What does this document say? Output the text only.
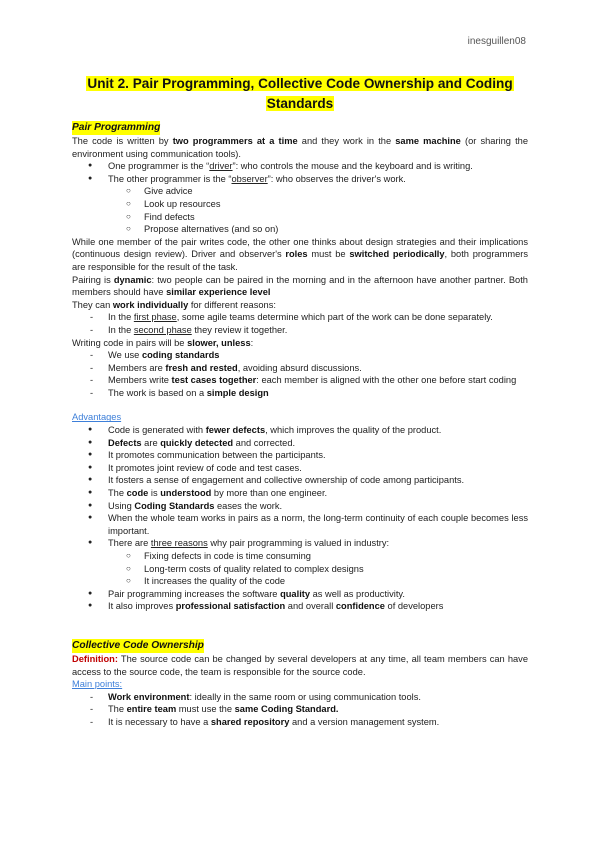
inesguillen08
Unit 2. Pair Programming, Collective Code Ownership and Coding Standards
Pair Programming

The code is written by two programmers at a time and they work in the same machine (or sharing the environment using communication tools).

● One programmer is the “driver”: who controls the mouse and the keyboard and is writing.
● The other programmer is the “observer”: who observes the driver's work.
○ Give advice
○ Look up resources
○ Find defects
○ Propose alternatives (and so on)

While one member of the pair writes code, the other one thinks about design strategies and their implications (continuous design review). Driver and observer's roles must be switched periodically, both programmers are responsible for the result of the task.

Pairing is dynamic: two people can be paired in the morning and in the afternoon have another partner. Both members should have similar experience level

They can work individually for different reasons:

- In the first phase, some agile teams determine which part of the work can be done separately.
- In the second phase they review it together.

Writing code in pairs will be slower, unless:

- We use coding standards
- Members are fresh and rested, avoiding absurd discussions.
- Members write test cases together: each member is aligned with the other one before start coding
- The work is based on a simple design
Advantages
● Code is generated with fewer defects, which improves the quality of the product.
● Defects are quickly detected and corrected.
● It promotes communication between the participants.
● It promotes joint review of code and test cases.
● It fosters a sense of engagement and collective ownership of code among participants.
● The code is understood by more than one engineer.
● Using Coding Standards eases the work.
● When the whole team works in pairs as a norm, the long-term continuity of each couple becomes less important.
● There are three reasons why pair programming is valued in industry:
○ Fixing defects in code is time consuming
○ Long-term costs of quality related to complex designs
○ It increases the quality of the code
● Pair programming increases the software quality as well as productivity.
● It also improves professional satisfaction and overall confidence of developers
Collective Code Ownership

Definition: The source code can be changed by several developers at any time, all team members can have access to the source code, the team is responsible for the source code.

Main points:
- Work environment: ideally in the same room or using communication tools.
- The entire team must use the same Coding Standard.
- It is necessary to have a shared repository and a version management system.
